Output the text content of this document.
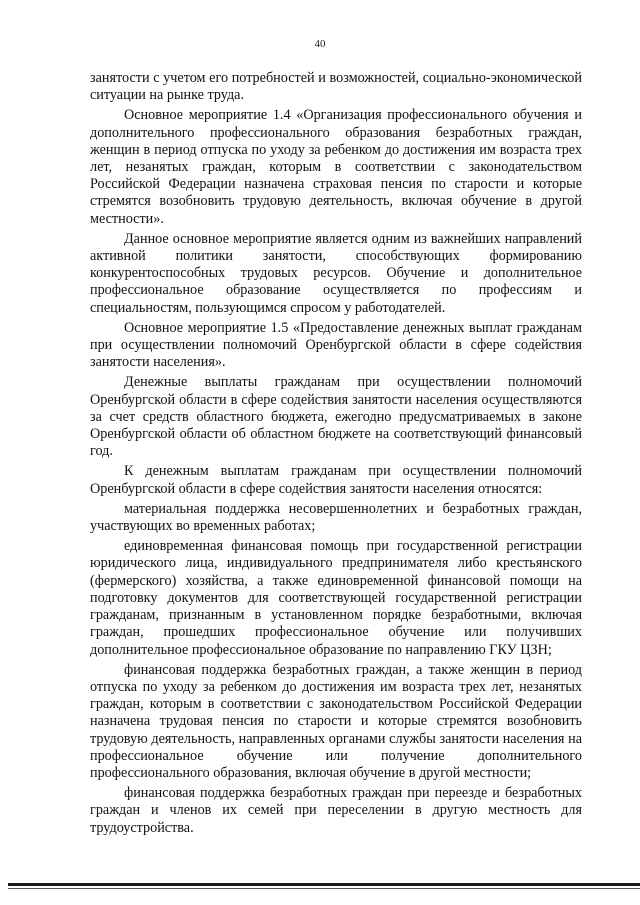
40

занятости с учетом его потребностей и возможностей, социально-экономической ситуации на рынке труда.

Основное мероприятие 1.4 «Организация профессионального обучения и дополнительного профессионального образования безработных граждан, женщин в период отпуска по уходу за ребенком до достижения им возраста трех лет, незанятых граждан, которым в соответствии с законодательством Российской Федерации назначена страховая пенсия по старости и которые стремятся возобновить трудовую деятельность, включая обучение в другой местности».

Данное основное мероприятие является одним из важнейших направлений активной политики занятости, способствующих формированию конкурентоспособных трудовых ресурсов. Обучение и дополнительное профессиональное образование осуществляется по профессиям и специальностям, пользующимся спросом у работодателей.

Основное мероприятие 1.5 «Предоставление денежных выплат гражданам при осуществлении полномочий Оренбургской области в сфере содействия занятости населения».

Денежные выплаты гражданам при осуществлении полномочий Оренбургской области в сфере содействия занятости населения осуществляются за счет средств областного бюджета, ежегодно предусматриваемых в законе Оренбургской области об областном бюджете на соответствующий финансовый год.

К денежным выплатам гражданам при осуществлении полномочий Оренбургской области в сфере содействия занятости населения относятся:

материальная поддержка несовершеннолетних и безработных граждан, участвующих во временных работах;

единовременная финансовая помощь при государственной регистрации юридического лица, индивидуального предпринимателя либо крестьянского (фермерского) хозяйства, а также единовременной финансовой помощи на подготовку документов для соответствующей государственной регистрации гражданам, признанным в установленном порядке безработными, включая граждан, прошедших профессиональное обучение или получивших дополнительное профессиональное образование по направлению ГКУ ЦЗН;

финансовая поддержка безработных граждан, а также женщин в период отпуска по уходу за ребенком до достижения им возраста трех лет, незанятых граждан, которым в соответствии с законодательством Российской Федерации назначена трудовая пенсия по старости и которые стремятся возобновить трудовую деятельность, направленных органами службы занятости населения на профессиональное обучение или получение дополнительного профессионального образования, включая обучение в другой местности;

финансовая поддержка безработных граждан при переезде и безработных граждан и членов их семей при переселении в другую местность для трудоустройства.
